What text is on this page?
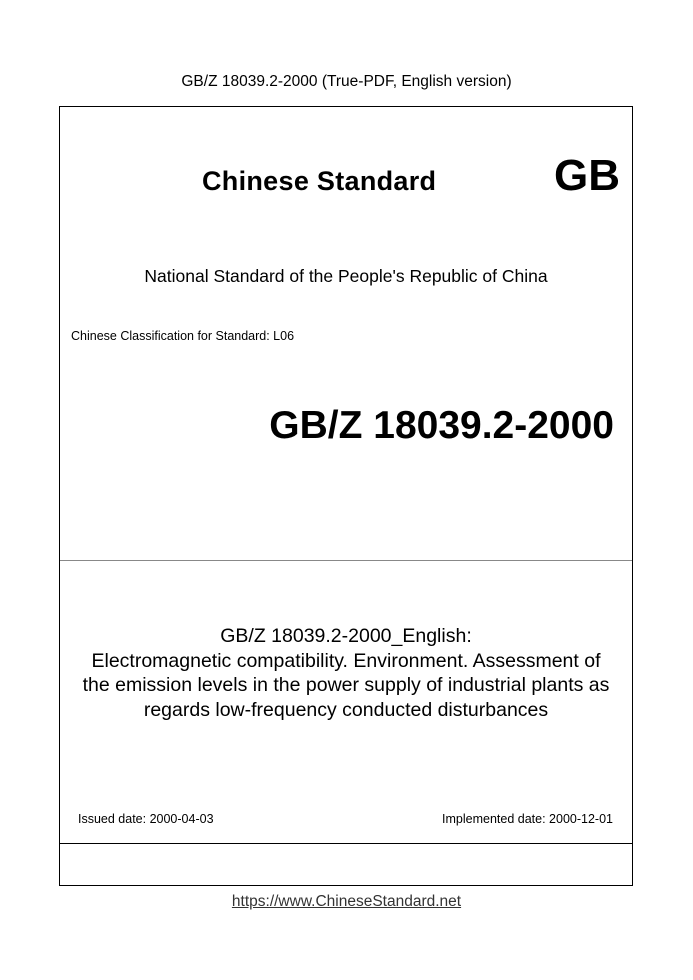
GB/Z 18039.2-2000 (True-PDF, English version)
Chinese Standard	GB
National Standard of the People's Republic of China
Chinese Classification for Standard: L06
GB/Z 18039.2-2000
GB/Z 18039.2-2000_English:
Electromagnetic compatibility. Environment. Assessment of
the emission levels in the power supply of industrial plants as
regards low-frequency conducted disturbances
Issued date: 2000-04-03	Implemented date: 2000-12-01
https://www.ChineseStandard.net
